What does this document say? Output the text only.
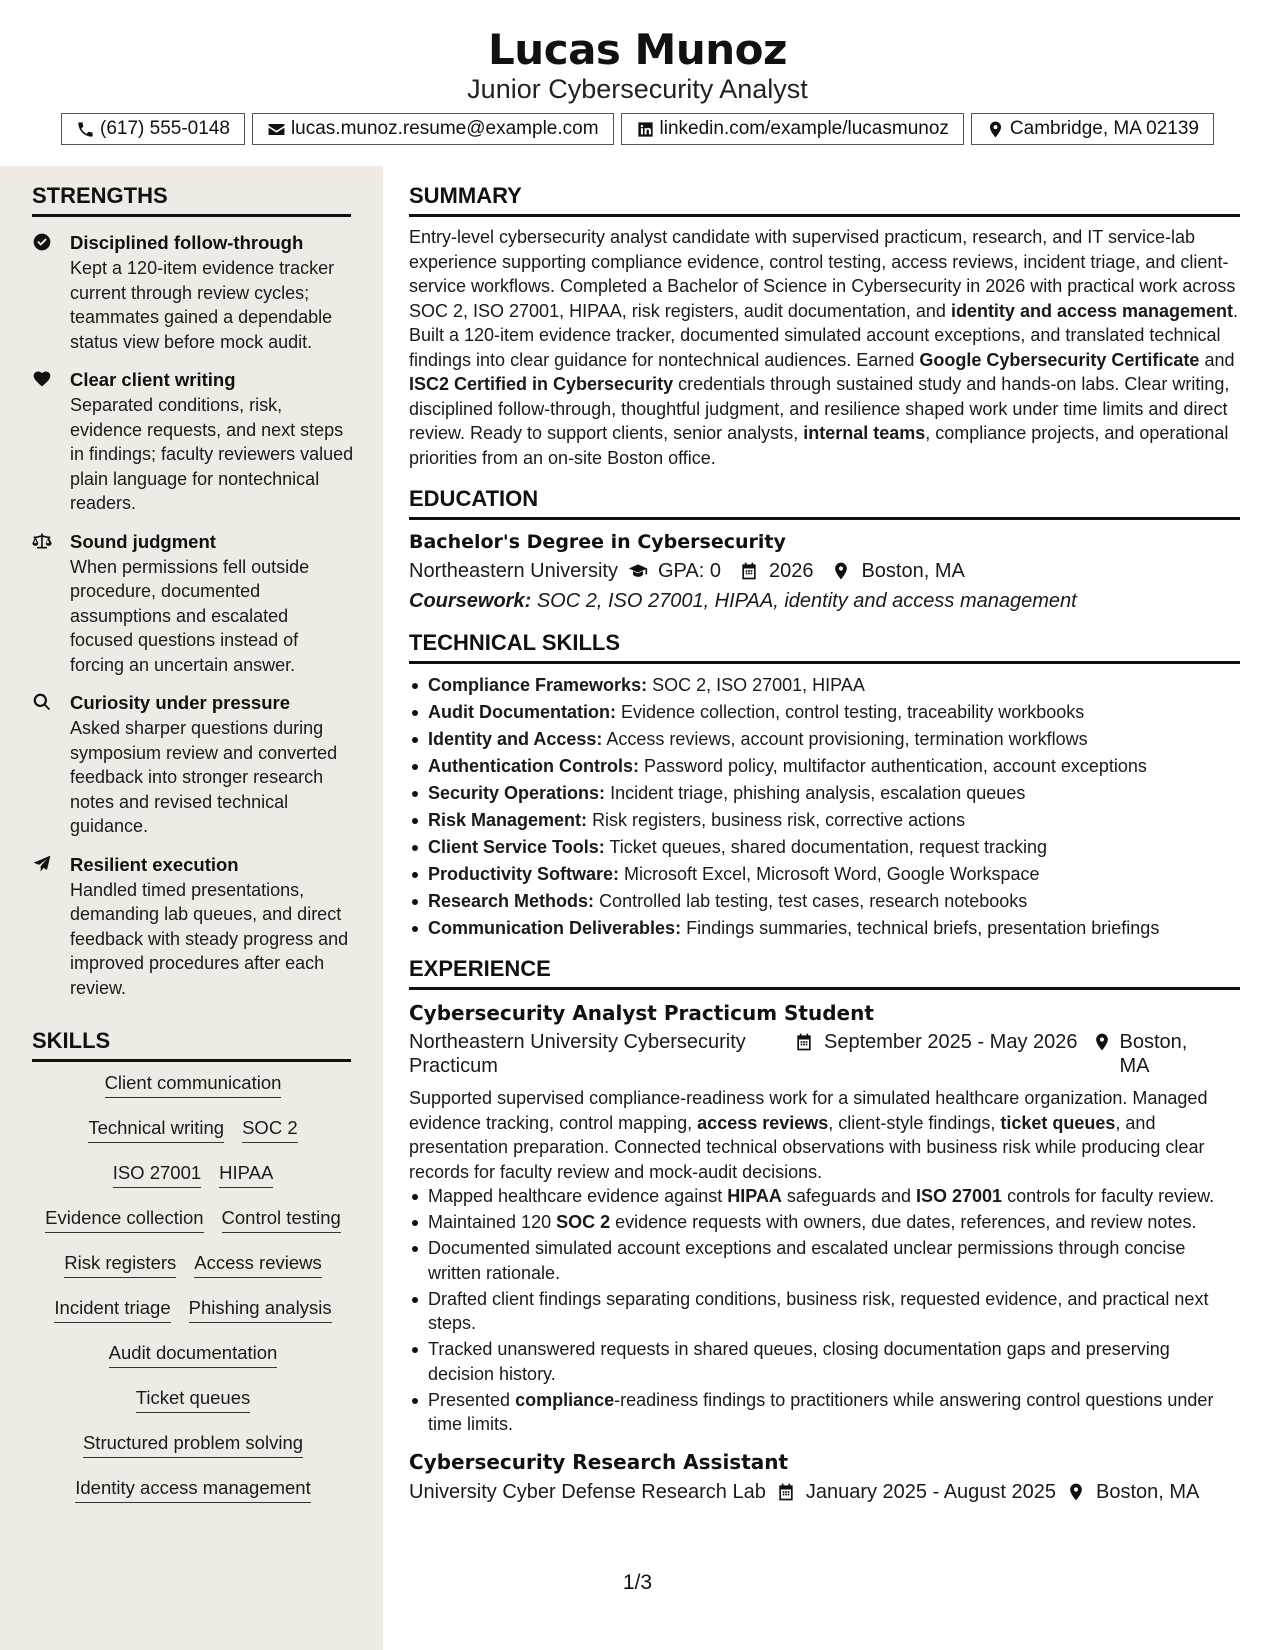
Lucas Munoz
Junior Cybersecurity Analyst
(617) 555-0148	lucas.munoz.resume@example.com	linkedin.com/example/lucasmunoz	Cambridge, MA 02139
STRENGTHS
Disciplined follow-through
Kept a 120-item evidence tracker current through review cycles; teammates gained a dependable status view before mock audit.
Clear client writing
Separated conditions, risk, evidence requests, and next steps in findings; faculty reviewers valued plain language for nontechnical readers.
Sound judgment
When permissions fell outside procedure, documented assumptions and escalated focused questions instead of forcing an uncertain answer.
Curiosity under pressure
Asked sharper questions during symposium review and converted feedback into stronger research notes and revised technical guidance.
Resilient execution
Handled timed presentations, demanding lab queues, and direct feedback with steady progress and improved procedures after each review.
SKILLS
Client communication
Technical writing SOC 2
ISO 27001 HIPAA
Evidence collection Control testing
Risk registers Access reviews
Incident triage Phishing analysis
Audit documentation
Ticket queues
Structured problem solving
Identity access management
SUMMARY

Entry-level cybersecurity analyst candidate with supervised practicum, research, and IT service-lab experience supporting compliance evidence, control testing, access reviews, incident triage, and client-service workflows. Completed a Bachelor of Science in Cybersecurity in 2026 with practical work across SOC 2, ISO 27001, HIPAA, risk registers, audit documentation, and identity and access management. Built a 120-item evidence tracker, documented simulated account exceptions, and translated technical findings into clear guidance for nontechnical audiences. Earned Google Cybersecurity Certificate and ISC2 Certified in Cybersecurity credentials through sustained study and hands-on labs. Clear writing, disciplined follow-through, thoughtful judgment, and resilience shaped work under time limits and direct review. Ready to support clients, senior analysts, internal teams, compliance projects, and operational priorities from an on-site Boston office.

EDUCATION
Bachelor's Degree in Cybersecurity
Northeastern University GPA: 0 2026 Boston, MA
Coursework: SOC 2, ISO 27001, HIPAA, identity and access management
TECHNICAL SKILLS
Compliance Frameworks: SOC 2, ISO 27001, HIPAA
Audit Documentation: Evidence collection, control testing, traceability workbooks
Identity and Access: Access reviews, account provisioning, termination workflows
Authentication Controls: Password policy, multifactor authentication, account exceptions
Security Operations: Incident triage, phishing analysis, escalation queues
Risk Management: Risk registers, business risk, corrective actions
Client Service Tools: Ticket queues, shared documentation, request tracking
Productivity Software: Microsoft Excel, Microsoft Word, Google Workspace
Research Methods: Controlled lab testing, test cases, research notebooks
Communication Deliverables: Findings summaries, technical briefs, presentation briefings
EXPERIENCE
Cybersecurity Analyst Practicum Student
Northeastern University Cybersecurity Practicum
September 2025 - May 2026 Boston, MA

Supported supervised compliance-readiness work for a simulated healthcare organization. Managed evidence tracking, control mapping, access reviews, client-style findings, ticket queues, and presentation preparation. Connected technical observations with business risk while producing clear records for faculty review and mock-audit decisions.

Mapped healthcare evidence against HIPAA safeguards and ISO 27001 controls for faculty review.
Maintained 120 SOC 2 evidence requests with owners, due dates, references, and review notes.
Documented simulated account exceptions and escalated unclear permissions through concise written rationale.
Drafted client findings separating conditions, business risk, requested evidence, and practical next steps.
Tracked unanswered requests in shared queues, closing documentation gaps and preserving decision history.
Presented compliance-readiness findings to practitioners while answering control questions under time limits.
Cybersecurity Research Assistant
University Cyber Defense Research Lab January 2025 - August 2025 Boston, MA
1/3
